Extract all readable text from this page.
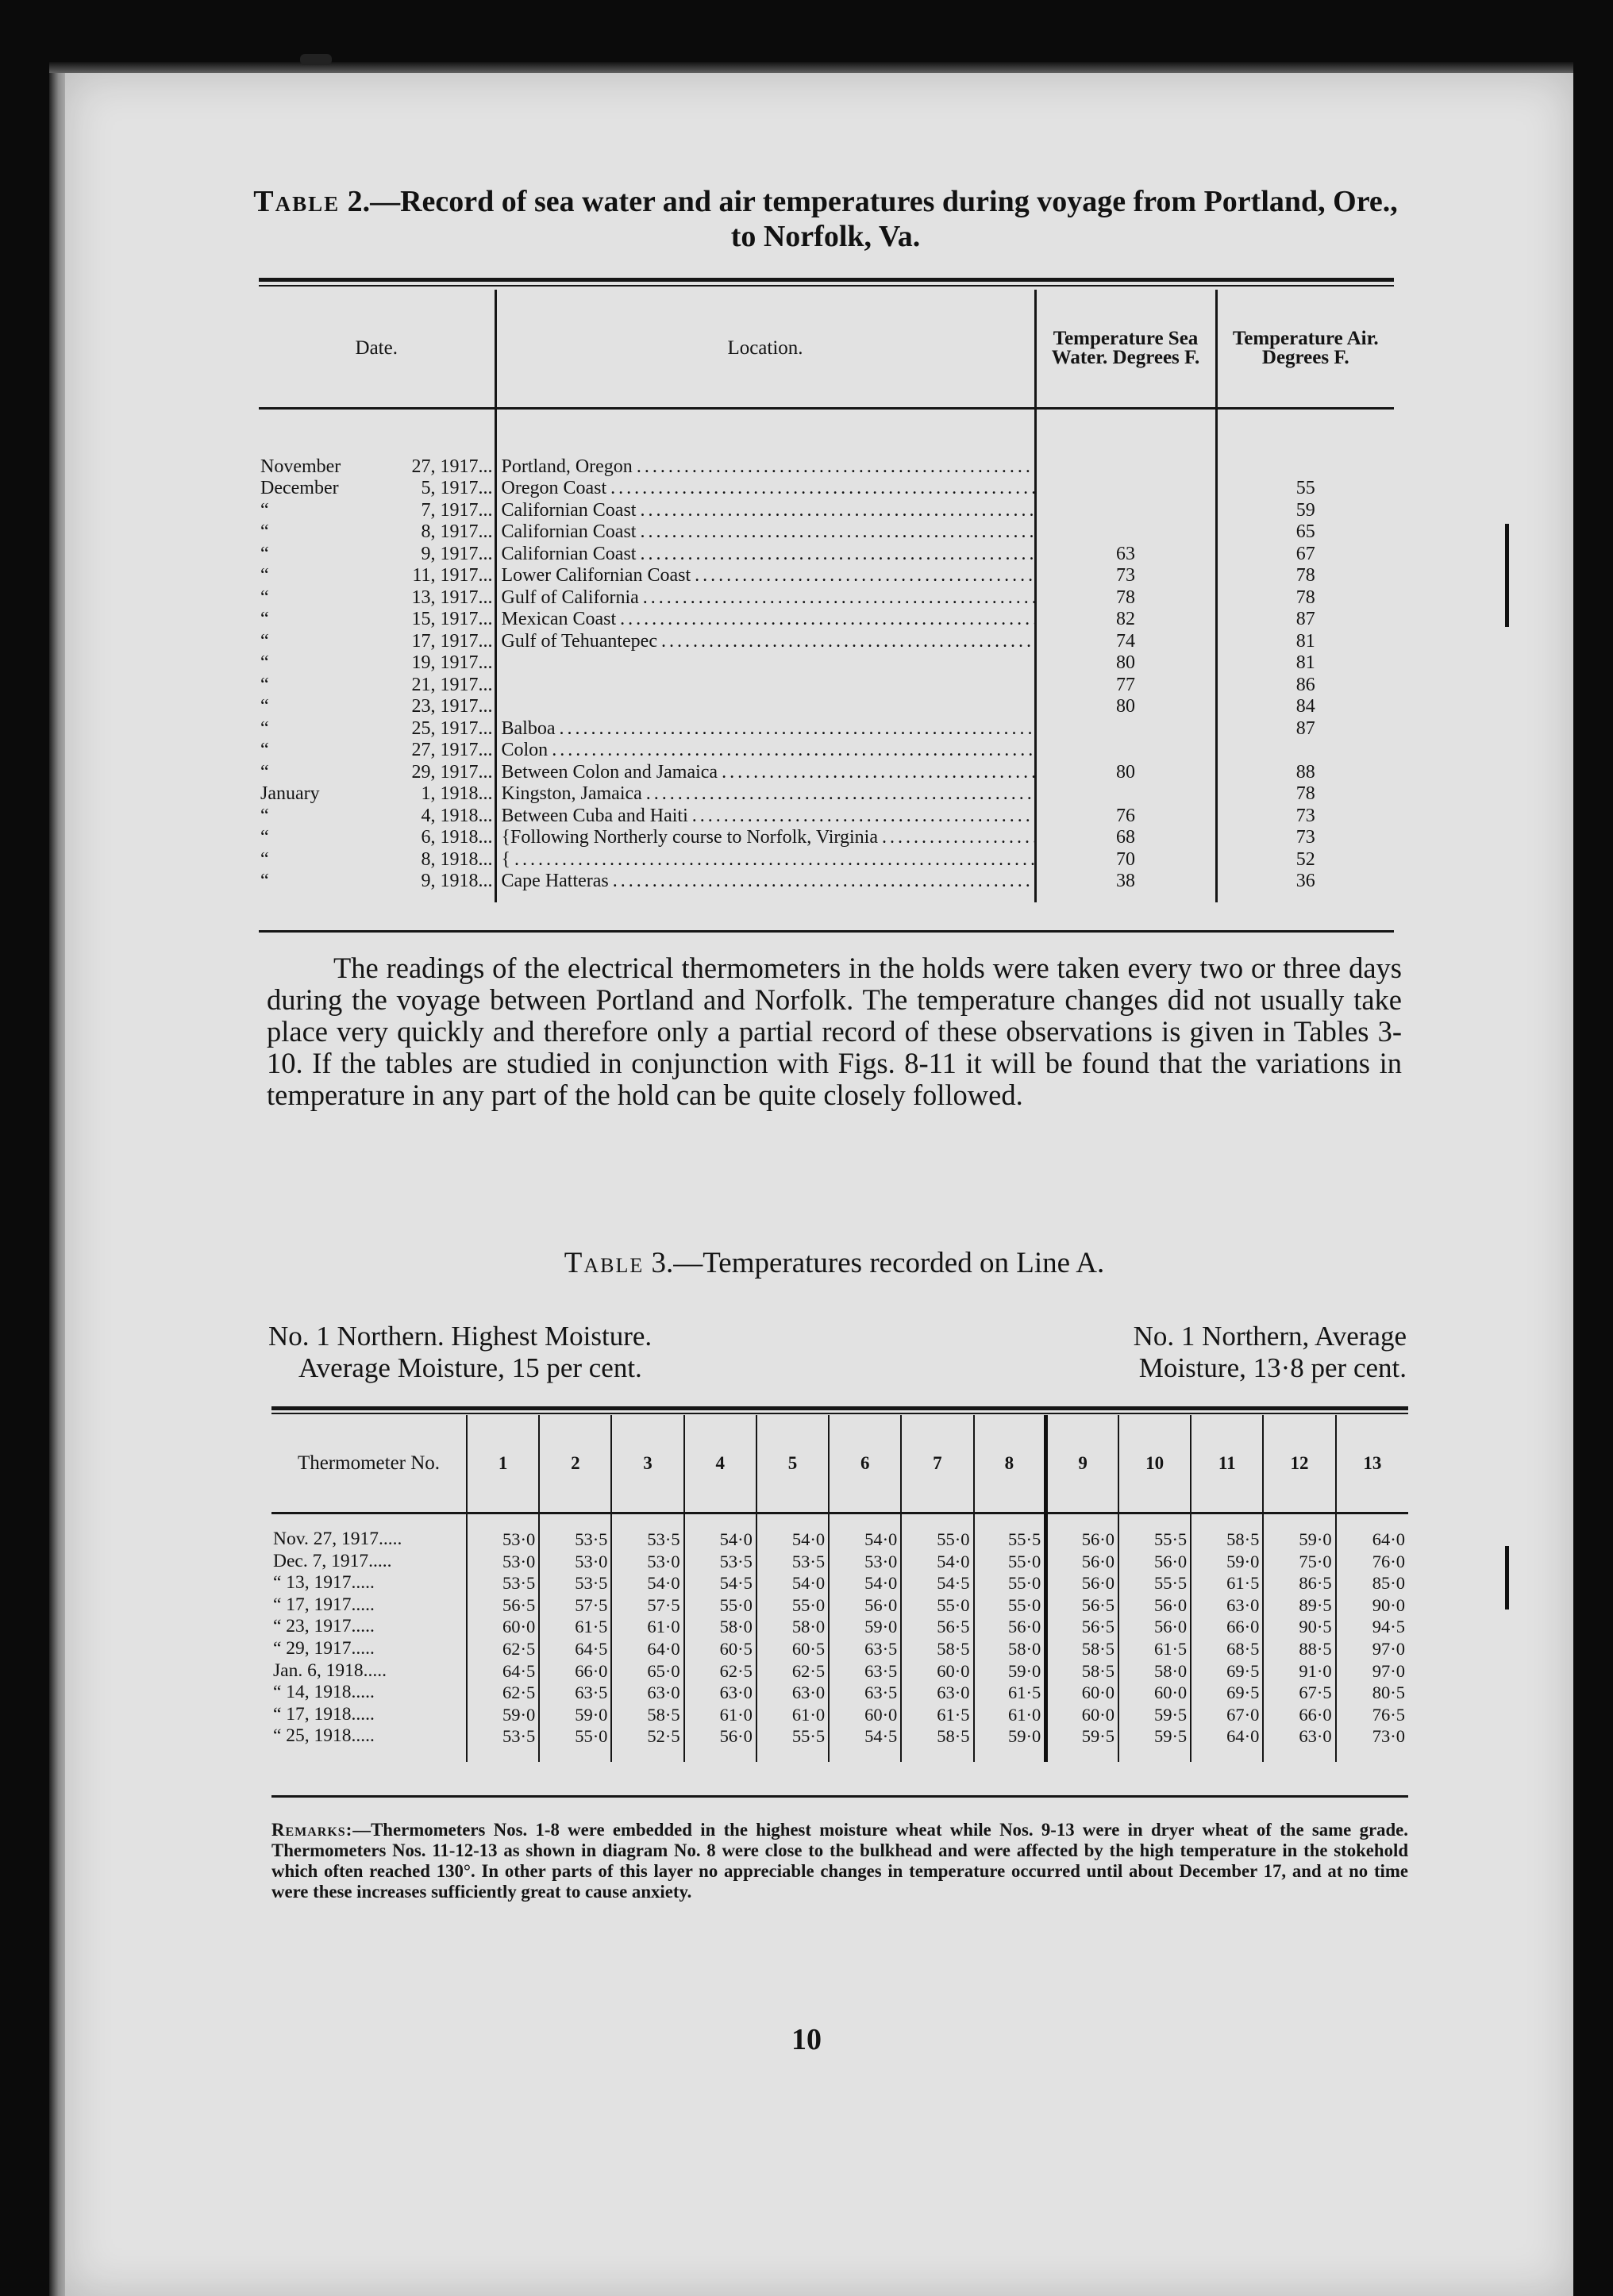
Table 2.—Record of sea water and air temperatures during voyage from Portland, Ore., to Norfolk, Va.
Date.	Location.	Temperature Sea Water. Degrees F.	Temperature Air. Degrees F.

November 27, 1917...	Portland, Oregon . . .		

December 5, 1917...	Oregon Coast . . .		55

“ 7, 1917...	Californian Coast . . .		59

“ 8, 1917...	Californian Coast . . .		65

“ 9, 1917...	Californian Coast . . .	63	67

“ 11, 1917...	Lower Californian Coast . . .	73	78

“ 13, 1917...	Gulf of California . . .	78	78

“ 15, 1917...	Mexican Coast . . .	82	87

“ 17, 1917...	Gulf of Tehuantepec . . .	74	81

“ 19, 1917...		80	81

“ 21, 1917...		77	86

“ 23, 1917...		80	84

“ 25, 1917...	Balboa . . .		87

“ 27, 1917...	Colon . . .		

“ 29, 1917...	Between Colon and Jamaica . . .	80	88

January 1, 1918...	Kingston, Jamaica . . .		78

“ 4, 1918...	Between Cuba and Haiti . . .	76	73

“ 6, 1918...	{Following Northerly course to Norfolk, Virginia . . .	68	73

“ 8, 1918...	{ . . .	70	52

“ 9, 1918...	Cape Hatteras . . .	38	36

The readings of the electrical thermometers in the holds were taken every two or three days during the voyage between Portland and Norfolk. The temperature changes did not usually take place very quickly and therefore only a partial record of these observations is given in Tables 3-10. If the tables are studied in conjunction with Figs. 8-11 it will be found that the variations in temperature in any part of the hold can be quite closely followed.

Table 3.—Temperatures recorded on Line A.
No. 1 Northern. Highest Moisture.
Average Moisture, 15 per cent.
No. 1 Northern, Average
Moisture, 13·8 per cent.
Thermometer No.	1	2	3	4	5	6	7	8	9	10	11	12	13

Nov. 27, 1917.....	53·0	53·5	53·5	54·0	54·0	54·0	55·0	55·5	56·0	55·5	58·5	59·0	64·0
Dec. 7, 1917.....	53·0	53·0	53·0	53·5	53·5	53·0	54·0	55·0	56·0	56·0	59·0	75·0	76·0
“ 13, 1917.....	53·5	53·5	54·0	54·5	54·0	54·0	54·5	55·0	56·0	55·5	61·5	86·5	85·0
“ 17, 1917.....	56·5	57·5	57·5	55·0	55·0	56·0	55·0	55·0	56·5	56·0	63·0	89·5	90·0
“ 23, 1917.....	60·0	61·5	61·0	58·0	58·0	59·0	56·5	56·0	56·5	56·0	66·0	90·5	94·5
“ 29, 1917.....	62·5	64·5	64·0	60·5	60·5	63·5	58·5	58·0	58·5	61·5	68·5	88·5	97·0
Jan. 6, 1918.....	64·5	66·0	65·0	62·5	62·5	63·5	60·0	59·0	58·5	58·0	69·5	91·0	97·0
“ 14, 1918.....	62·5	63·5	63·0	63·0	63·0	63·5	63·0	61·5	60·0	60·0	69·5	67·5	80·5
“ 17, 1918.....	59·0	59·0	58·5	61·0	61·0	60·0	61·5	61·0	60·0	59·5	67·0	66·0	76·5
“ 25, 1918.....	53·5	55·0	52·5	56·0	55·5	54·5	58·5	59·0	59·5	59·5	64·0	63·0	73·0

Remarks:—Thermometers Nos. 1-8 were embedded in the highest moisture wheat while Nos. 9-13 were in dryer wheat of the same grade. Thermometers Nos. 11-12-13 as shown in diagram No. 8 were close to the bulkhead and were affected by the high temperature in the stokehold which often reached 130°. In other parts of this layer no appreciable changes in temperature occurred until about December 17, and at no time were these increases sufficiently great to cause anxiety.
10
